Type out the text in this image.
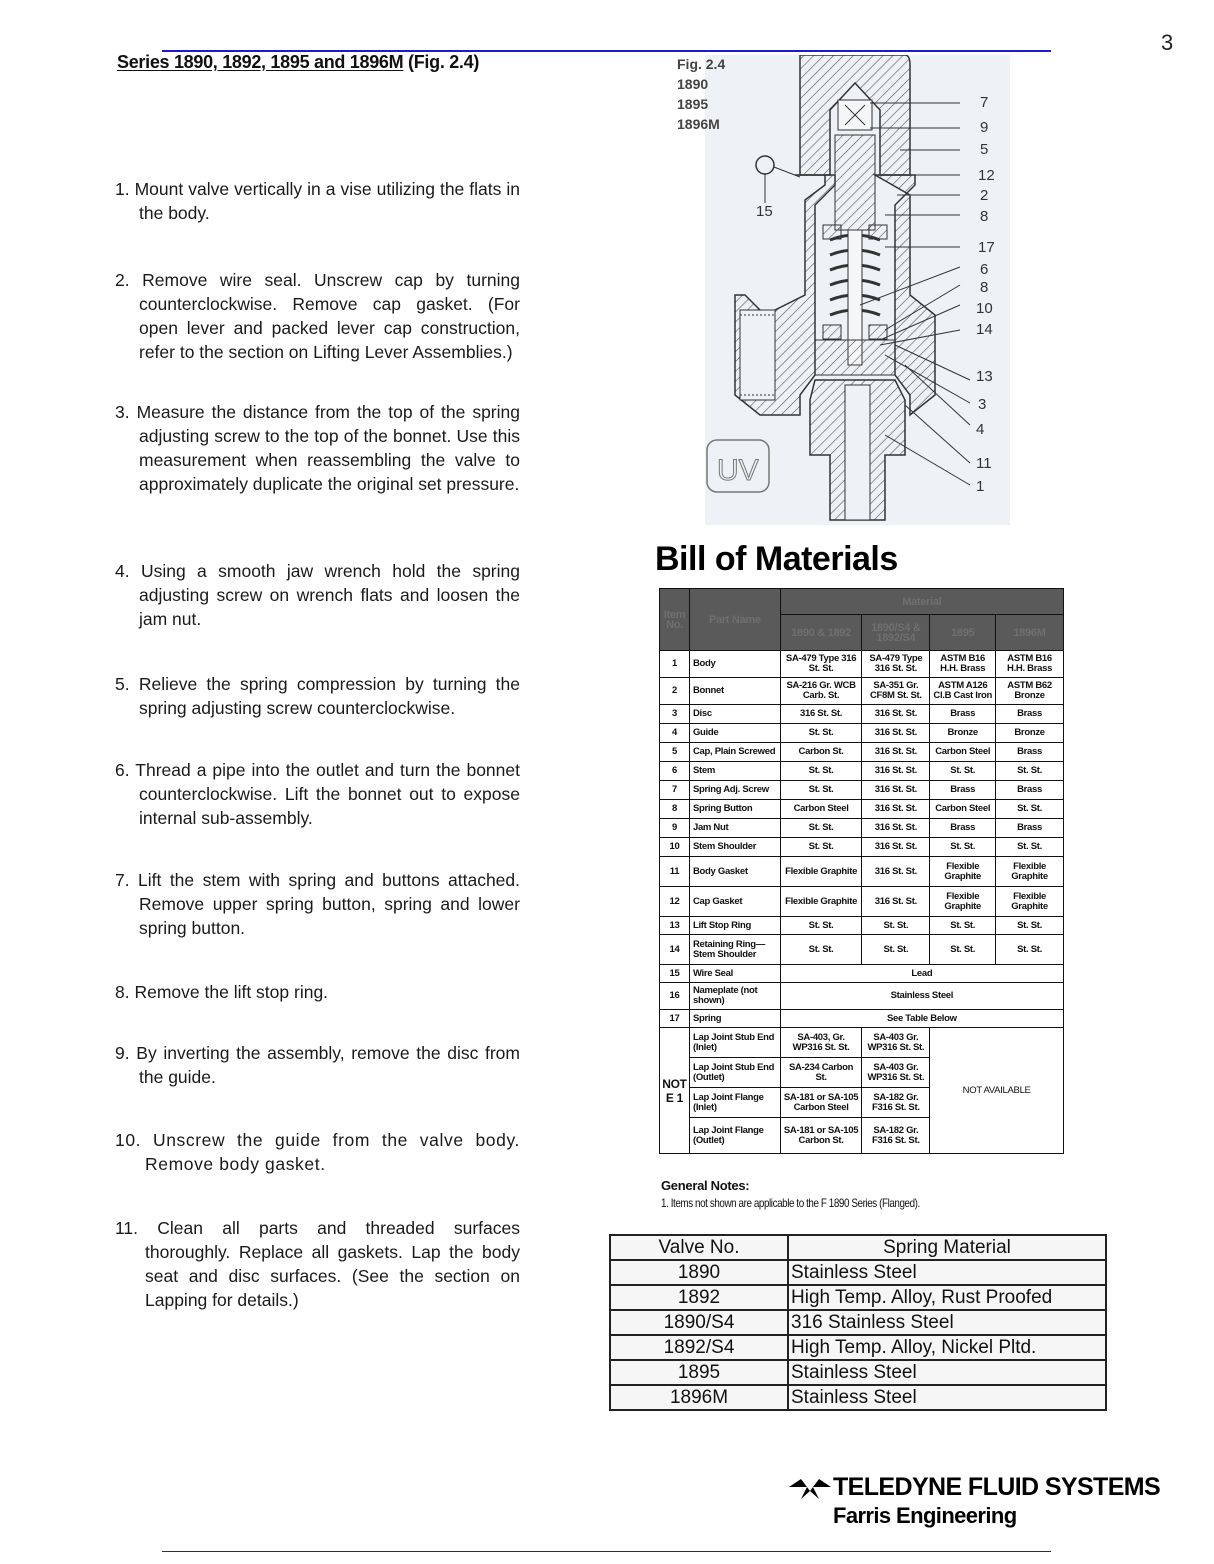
3
Series 1890, 1892, 1895 and 1896M (Fig. 2.4)
1. Mount valve vertically in a vise utilizing the flats in the body.
2. Remove wire seal. Unscrew cap by turning counterclockwise. Remove cap gasket. (For open lever and packed lever cap construction, refer to the section on Lifting Lever Assemblies.)
3. Measure the distance from the top of the spring adjusting screw to the top of the bonnet. Use this measurement when reassembling the valve to approximately duplicate the original set pressure.
4. Using a smooth jaw wrench hold the spring adjusting screw on wrench flats and loosen the jam nut.
5. Relieve the spring compression by turning the spring adjusting screw counterclockwise.
6. Thread a pipe into the outlet and turn the bonnet counterclockwise. Lift the bonnet out to expose internal sub-assembly.
7. Lift the stem with spring and buttons attached. Remove upper spring button, spring and lower spring button.
8. Remove the lift stop ring.
9. By inverting the assembly, remove the disc from the guide.
10. Unscrew the guide from the valve body. Remove body gasket.
11. Clean all parts and threaded surfaces thoroughly. Replace all gaskets. Lap the body seat and disc surfaces. (See the section on Lapping for details.)
UV
Fig. 2.4
1890
1895
1896M
7
9
5
12
2
8
17
6
8
10
14
13
3
4
11
1
15
Bill of Materials
Item No.	Part Name	Material			
		1890 & 1892	1890/S4 & 1892/S4	1895	1896M
1	Body	SA-479 Type 316 St. St.	SA-479 Type 316 St. St.	ASTM B16 H.H. Brass	ASTM B16 H.H. Brass
2	Bonnet	SA-216 Gr. WCB Carb. St.	SA-351 Gr. CF8M St. St.	ASTM A126 Cl.B Cast Iron	ASTM B62 Bronze
3	Disc	316 St. St.	316 St. St.	Brass	Brass
4	Guide	St. St.	316 St. St.	Bronze	Bronze
5	Cap, Plain Screwed	Carbon St.	316 St. St.	Carbon Steel	Brass
6	Stem	St. St.	316 St. St.	St. St.	St. St.
7	Spring Adj. Screw	St. St.	316 St. St.	Brass	Brass
8	Spring Button	Carbon Steel	316 St. St.	Carbon Steel	St. St.
9	Jam Nut	St. St.	316 St. St.	Brass	Brass
10	Stem Shoulder	St. St.	316 St. St.	St. St.	St. St.
11	Body Gasket	Flexible Graphite	316 St. St.	Flexible Graphite	Flexible Graphite
12	Cap Gasket	Flexible Graphite	316 St. St.	Flexible Graphite	Flexible Graphite
13	Lift Stop Ring	St. St.	St. St.	St. St.	St. St.
14	Retaining Ring— Stem Shoulder	St. St.	St. St.	St. St.	St. St.
15	Wire Seal	Lead			
16	Nameplate (not shown)	Stainless Steel			
17	Spring	See Table Below			
NOTE 1	Lap Joint Stub End (Inlet)	SA-403, Gr. WP316 St. St.	SA-403 Gr. WP316 St. St.	NOT AVAILABLE	
	Lap Joint Stub End (Outlet)	SA-234 Carbon St.	SA-403 Gr. WP316 St. St.		
	Lap Joint Flange (Inlet)	SA-181 or SA-105 Carbon Steel	SA-182 Gr. F316 St. St.		
	Lap Joint Flange (Outlet)	SA-181 or SA-105 Carbon St.	SA-182 Gr. F316 St. St.		
General Notes:
1. Items not shown are applicable to the F 1890 Series (Flanged).
Valve No.	Spring Material
1890	Stainless Steel
1892	High Temp. Alloy, Rust Proofed
1890/S4	316 Stainless Steel
1892/S4	High Temp. Alloy, Nickel Pltd.
1895	Stainless Steel
1896M	Stainless Steel
TELEDYNE FLUID SYSTEMS
Farris Engineering
